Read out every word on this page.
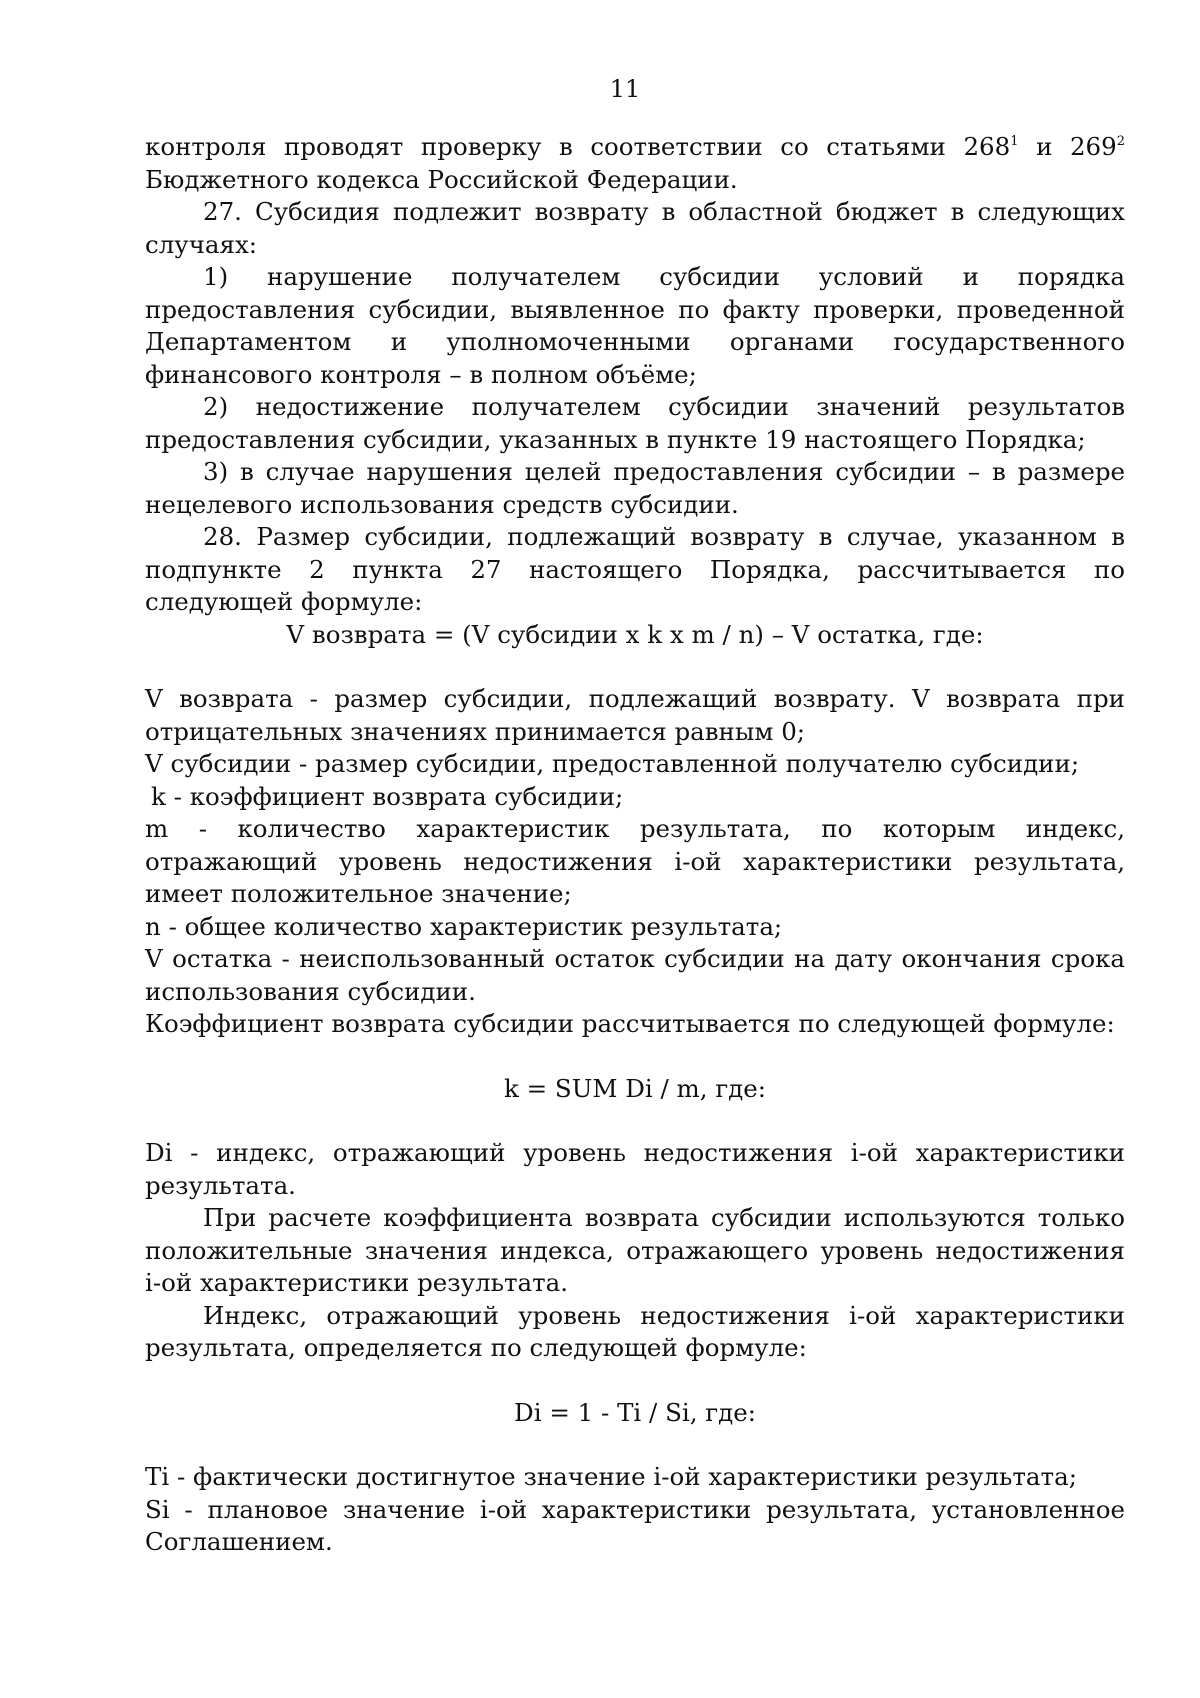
11

контроля проводят проверку в соответствии со статьями $268^1$ и $269^2$ Бюджетного кодекса Российской Федерации.

27. Субсидия подлежит возврату в областной бюджет в следующих случаях:

1) нарушение получателем субсидии условий и порядка предоставления субсидии, выявленное по факту проверки, проведенной Департаментом и уполномоченными органами государственного финансового контроля – в полном объёме;

2) недостижение получателем субсидии значений результатов предоставления субсидии, указанных в пункте 19 настоящего Порядка;

3) в случае нарушения целей предоставления субсидии – в размере нецелевого использования средств субсидии.

28. Размер субсидии, подлежащий возврату в случае, указанном в подпункте 2 пункта 27 настоящего Порядка, рассчитывается по следующей формуле:

V возврата = (V субсидии x k x m / n) – V остатка, где:

V возврата - размер субсидии, подлежащий возврату. V возврата при отрицательных значениях принимается равным 0;

V субсидии - размер субсидии, предоставленной получателю субсидии;

k - коэффициент возврата субсидии;

m - количество характеристик результата, по которым индекс, отражающий уровень недостижения i-ой характеристики результата, имеет положительное значение;

n - общее количество характеристик результата;

V остатка - неиспользованный остаток субсидии на дату окончания срока использования субсидии.

Коэффициент возврата субсидии рассчитывается по следующей формуле:

k = SUM Di / m, где:

Di - индекс, отражающий уровень недостижения i-ой характеристики результата.

При расчете коэффициента возврата субсидии используются только положительные значения индекса, отражающего уровень недостижения i-ой характеристики результата.

Индекс, отражающий уровень недостижения i-ой характеристики результата, определяется по следующей формуле:

Di = 1 - Ti / Si, где:

Ti - фактически достигнутое значение i-ой характеристики результата;

Si - плановое значение i-ой характеристики результата, установленное Соглашением.
